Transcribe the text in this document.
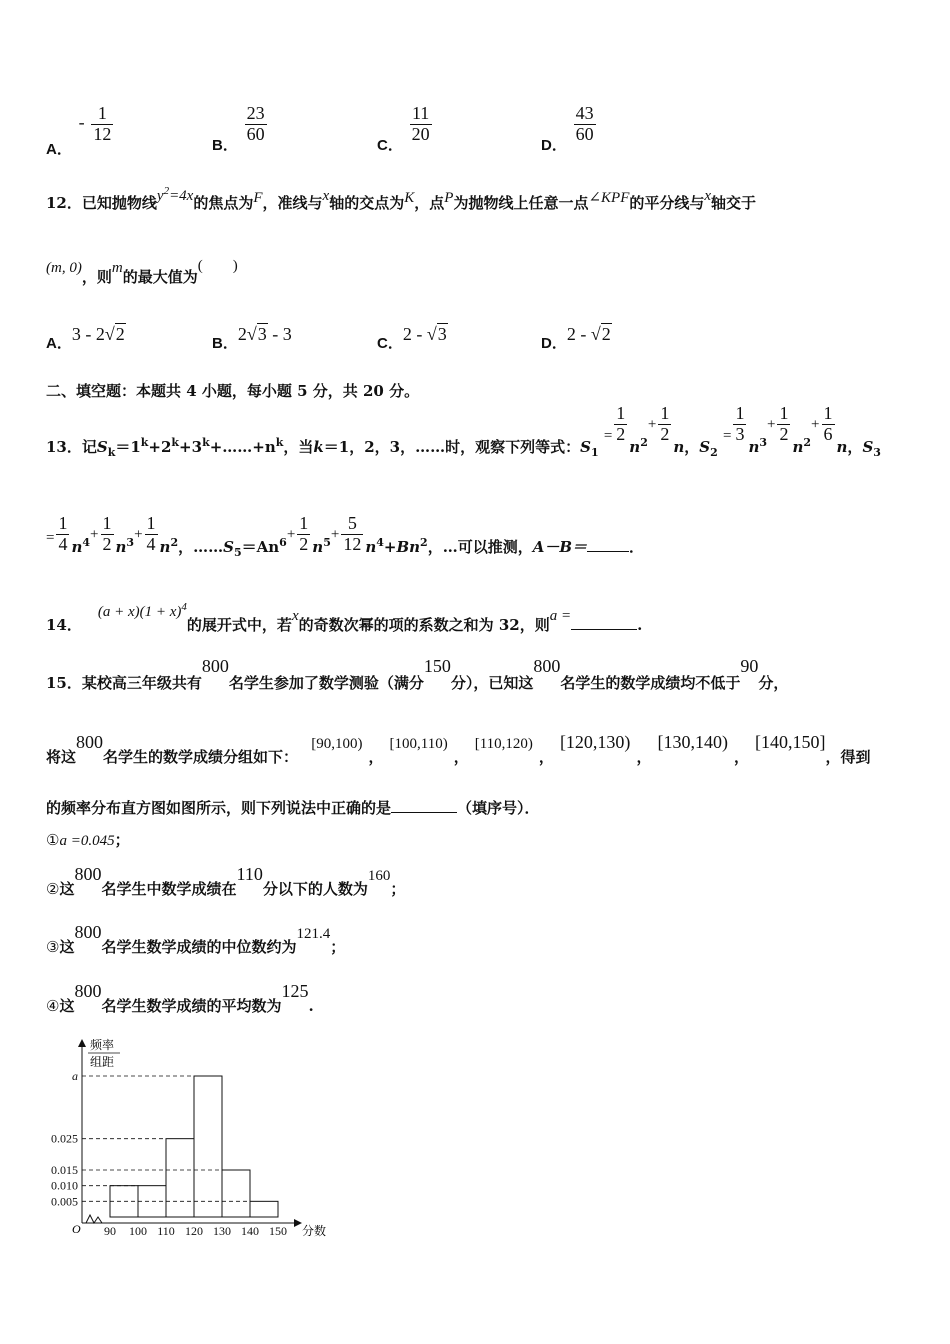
A． - $\frac{1}{12}$
B．
$\frac{23}{60}$
C．
$\frac{11}{20}$
D．
$\frac{43}{60}$
12．已知抛物线$y^2=4x$的焦点为F，准线与x轴的交点为K，点P为抛物线上任意一点∠KPF的平分线与x轴交于
(m, 0)，则m的最大值为(　　)
A．3 - 2√2	B．2√3 - 3	C．2 - √3	D．2 - √2
二、填空题：本题共 4 小题，每小题 5 分，共 20 分。
13．记$S_k=1^k+2^k+3^k+\dots\dots+n^k$，当k＝1，2，3，……时，观察下列等式：$S_1 = \frac{1}{2}$
$n^2+ \frac{1}{2}$
n，$S_2 = \frac{1}{3}$
$n^3+ \frac{1}{2}$
$n^2+ \frac{1}{6}$
n，$S_3$
= $\frac{1}{4} n^4+ \frac{1}{2} n^3+ \frac{1}{4} n^2$，$\dots\dots S_5=An^6+ \frac{1}{2} n^5+ \frac{5}{12} n^4+Bn^2$，…可以推测，A－B＝	．
14．$(a + x)(1 + x)^4$的展开式中，若x的奇数次幂的项的系数之和为 32，则a =	.
15．某校高三年级共有800名学生参加了数学测验（满分150分），已知这800名学生的数学成绩均不低于90分，
将这800名学生的数学成绩分组如下： [90,100)，[100,110)，[110,120)，[120,130)，[130,140)，[140,150]，得到
的频率分布直方图如图所示，则下列说法中正确的是	（填序号）．
①a =0.045；
②这800名学生中数学成绩在110分以下的人数为160；
③这800名学生数学成绩的中位数约为121.4；
④这800名学生数学成绩的平均数为125.
0.005
0.010
0.015
0.025
a
90 100 110 120 130 140 150
频率
组距
分数
O
